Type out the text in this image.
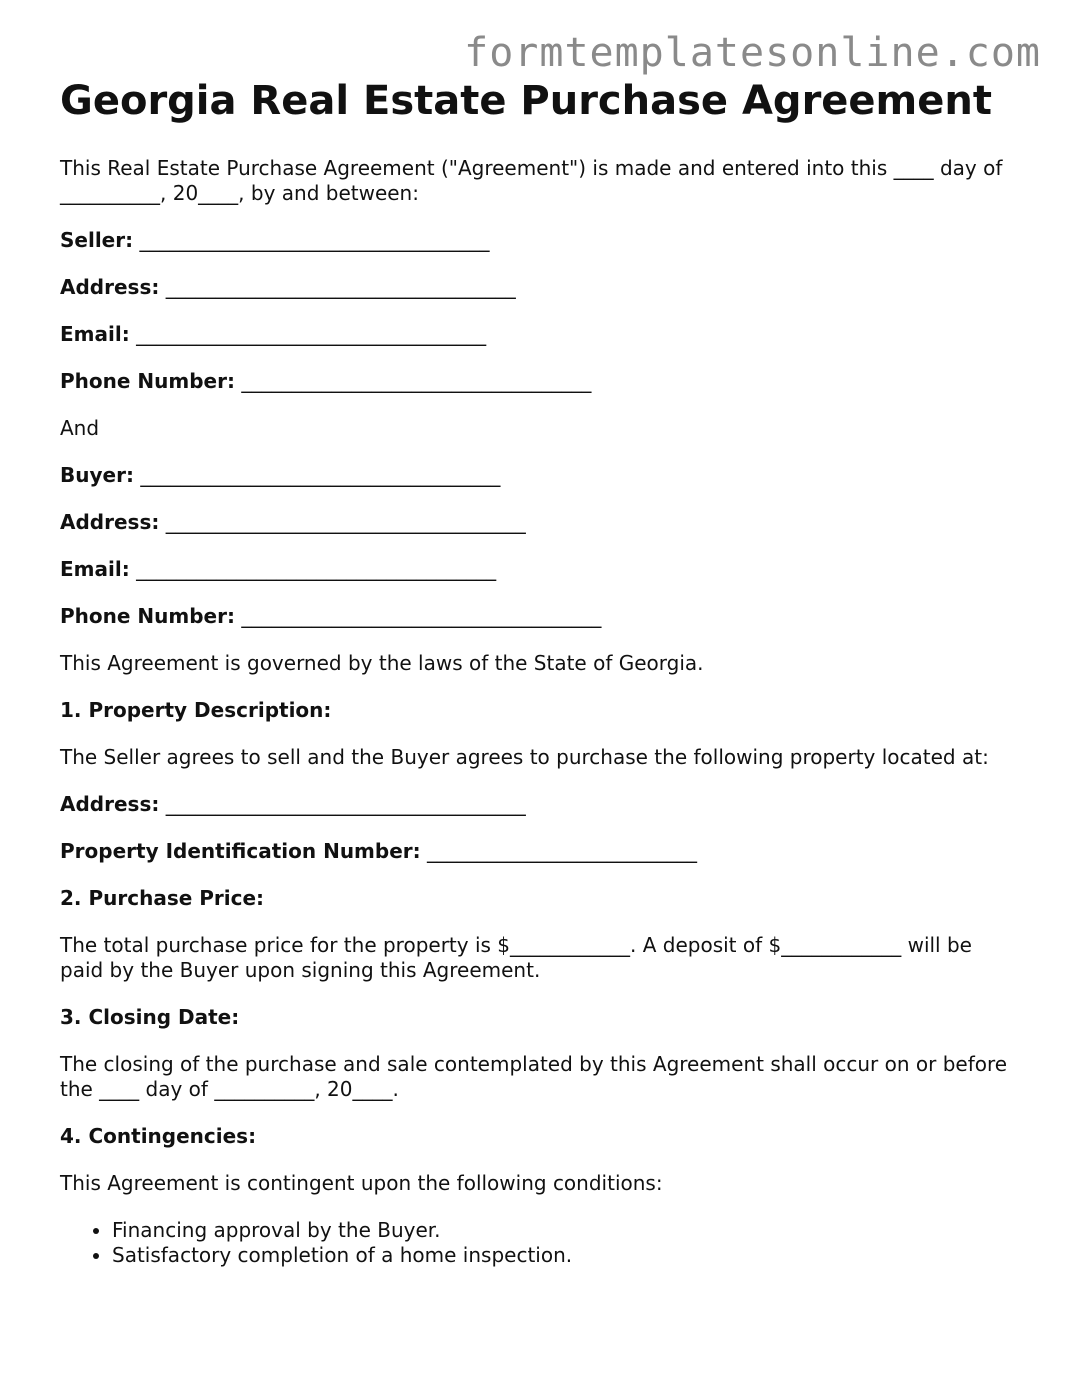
formtemplatesonline.com
Georgia Real Estate Purchase Agreement

This Real Estate Purchase Agreement ("Agreement") is made and entered into this ____ day of __________, 20____, by and between:

Seller: ___________________________________

Address: ___________________________________

Email: ___________________________________

Phone Number: ___________________________________

And

Buyer: ____________________________________

Address: ____________________________________

Email: ____________________________________

Phone Number: ____________________________________

This Agreement is governed by the laws of the State of Georgia.

1. Property Description:

The Seller agrees to sell and the Buyer agrees to purchase the following property located at:

Address: ____________________________________

Property Identification Number: ___________________________

2. Purchase Price:

The total purchase price for the property is $____________. A deposit of $____________ will be paid by the Buyer upon signing this Agreement.

3. Closing Date:

The closing of the purchase and sale contemplated by this Agreement shall occur on or before the ____ day of __________, 20____.

4. Contingencies:

This Agreement is contingent upon the following conditions:

• Financing approval by the Buyer.
• Satisfactory completion of a home inspection.
